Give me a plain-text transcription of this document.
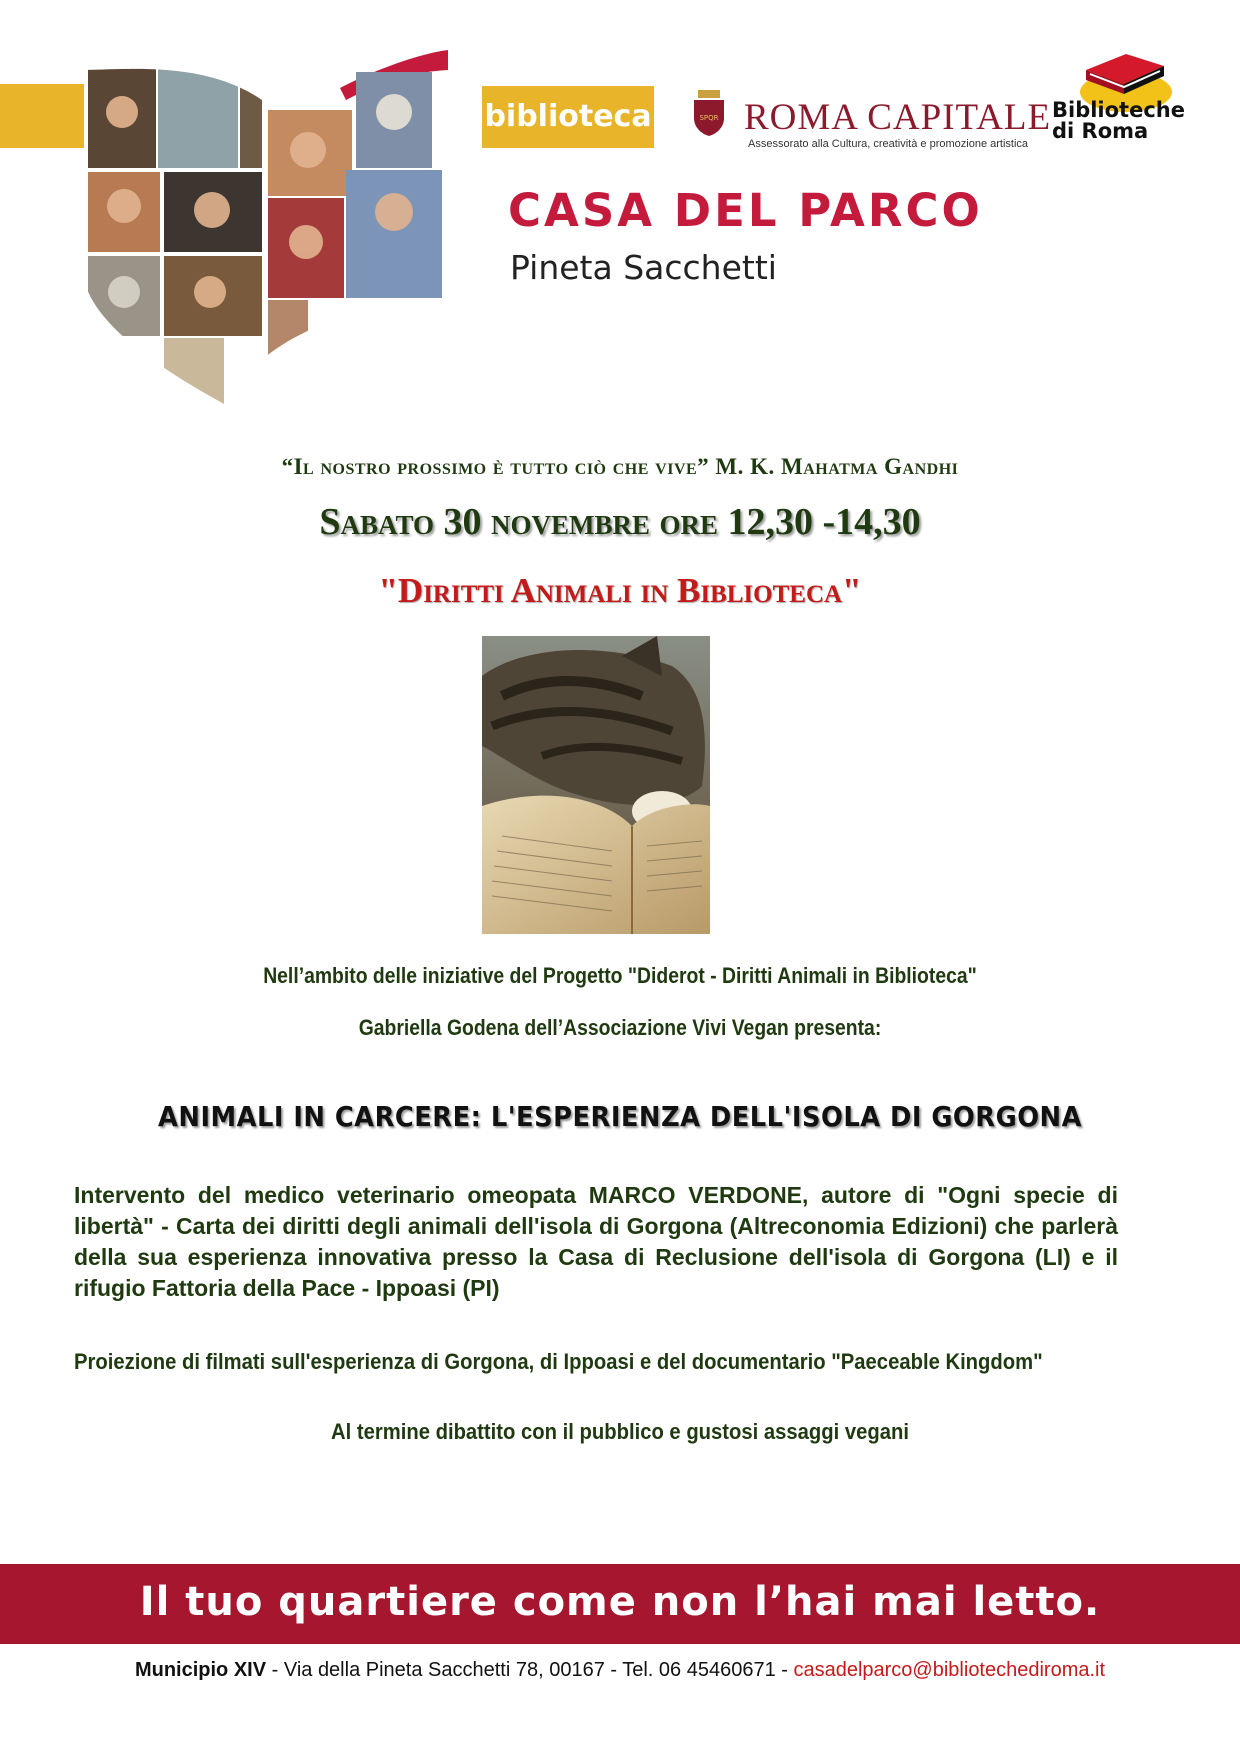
biblioteca	SPQR ROMA CAPITALE
Assessorato alla Cultura, creatività e promozione artistica
Biblioteche
di Roma
CASA DEL PARCO
Pineta Sacchetti
“Il nostro prossimo è tutto ciò che vive” M. K. Mahatma Gandhi
Sabato 30 novembre ore 12,30 -14,30
"Diritti Animali in Biblioteca"
Nell’ambito delle iniziative del Progetto "Diderot - Diritti Animali in Biblioteca"
Gabriella Godena dell’Associazione Vivi Vegan presenta:
ANIMALI IN CARCERE: L'ESPERIENZA DELL'ISOLA DI GORGONA
Intervento del medico veterinario omeopata MARCO VERDONE, autore di "Ogni specie di libertà" - Carta dei diritti degli animali dell'isola di Gorgona (Altreconomia Edizioni) che parlerà della sua esperienza innovativa presso la Casa di Reclusione dell'isola di Gorgona (LI) e il rifugio Fattoria della Pace - Ippoasi (PI)
Proiezione di filmati sull'esperienza di Gorgona, di Ippoasi e del documentario "Paeceable Kingdom"
Al termine dibattito con il pubblico e gustosi assaggi vegani
Il tuo quartiere come non l’hai mai letto.
Municipio XIV - Via della Pineta Sacchetti 78, 00167 - Tel. 06 45460671 - casadelparco@bibliotechediroma.it
